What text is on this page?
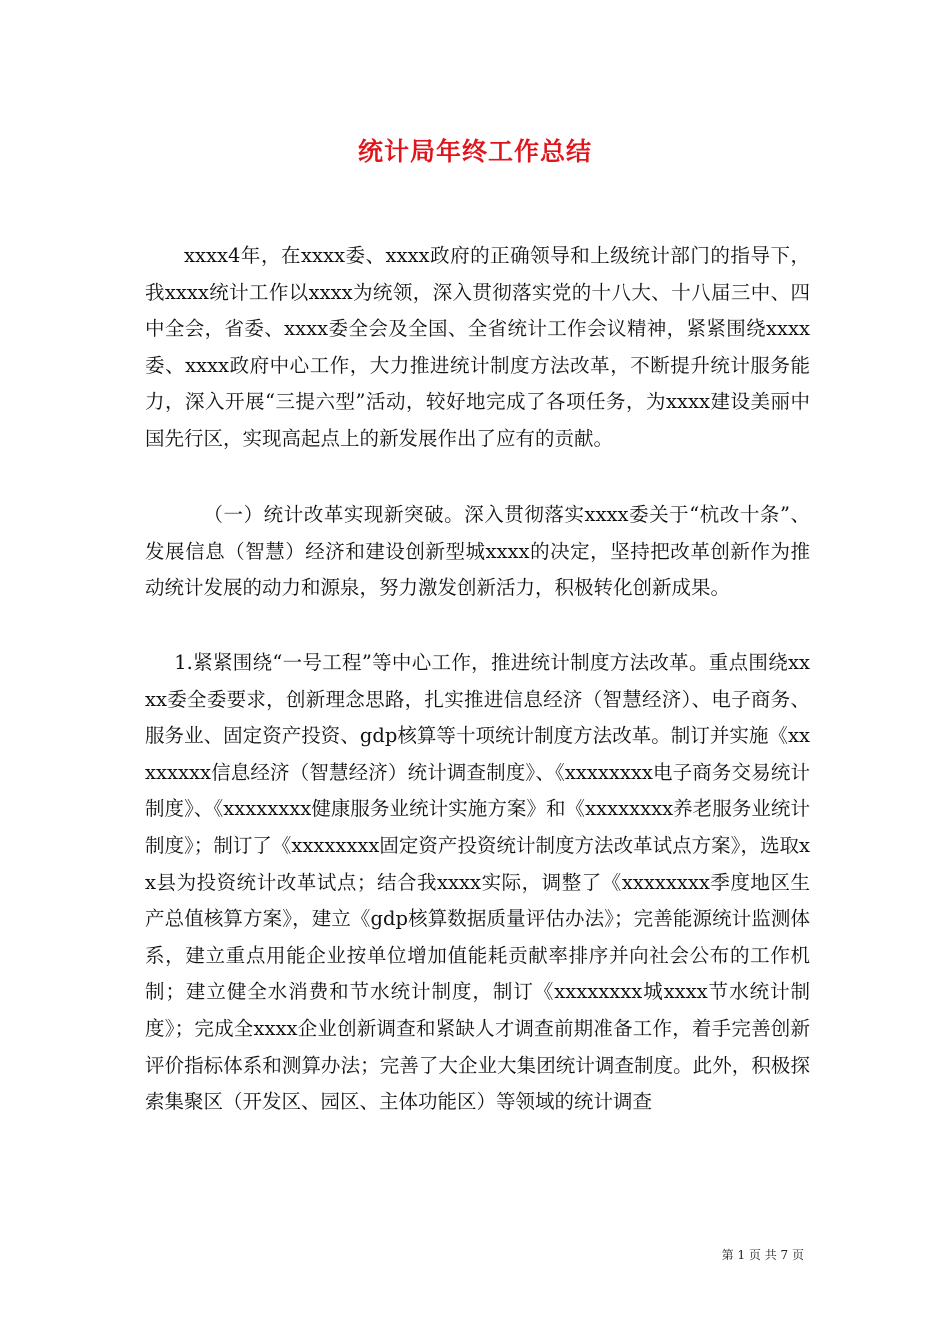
统计局年终工作总结

xxxx4年，在xxxx委、xxxx政府的正确领导和上级统计部门的指导下，我xxxx统计工作以xxxx为统领，深入贯彻落实党的十八大、十八届三中、四中全会，省委、xxxx委全会及全国、全省统计工作会议精神，紧紧围绕xxxx委、xxxx政府中心工作，大力推进统计制度方法改革，不断提升统计服务能力，深入开展“三提六型”活动，较好地完成了各项任务，为xxxx建设美丽中国先行区，实现高起点上的新发展作出了应有的贡献。

（一）统计改革实现新突破。深入贯彻落实xxxx委关于“杭改十条”、发展信息（智慧）经济和建设创新型城xxxx的决定，坚持把改革创新作为推动统计发展的动力和源泉，努力激发创新活力，积极转化创新成果。

1.紧紧围绕“一号工程”等中心工作，推进统计制度方法改革。重点围绕xxxx委全委要求，创新理念思路，扎实推进信息经济（智慧经济）、电子商务、服务业、固定资产投资、gdp核算等十项统计制度方法改革。制订并实施《xxxxxxxx信息经济（智慧经济）统计调查制度》、《xxxxxxxx电子商务交易统计制度》、《xxxxxxxx健康服务业统计实施方案》和《xxxxxxxx养老服务业统计制度》；制订了《xxxxxxxx固定资产投资统计制度方法改革试点方案》，选取xx县为投资统计改革试点；结合我xxxx实际，调整了《xxxxxxxx季度地区生产总值核算方案》，建立《gdp核算数据质量评估办法》；完善能源统计监测体系，建立重点用能企业按单位增加值能耗贡献率排序并向社会公布的工作机制；建立健全水消费和节水统计制度，制订《xxxxxxxx城xxxx节水统计制度》；完成全xxxx企业创新调查和紧缺人才调查前期准备工作，着手完善创新评价指标体系和测算办法；完善了大企业大集团统计调查制度。此外，积极探索集聚区（开发区、园区、主体功能区）等领域的统计调查

第 1 页 共 7 页
